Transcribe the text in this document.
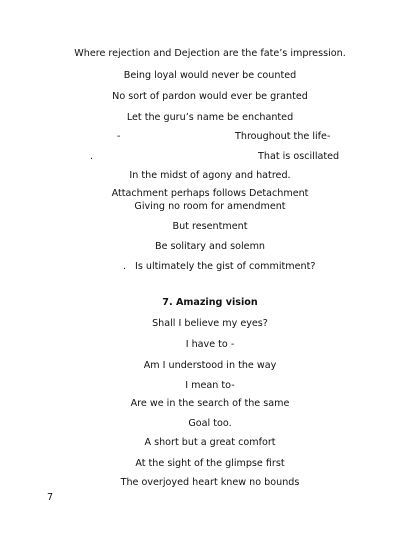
Where rejection and Dejection are the fate’s impression.
Being loyal would never be counted
No sort of pardon would ever be granted
Let the guru’s name be enchanted
-	Throughout the life-
.	That is oscillated
In the midst of agony and hatred.
Attachment perhaps follows Detachment
Giving no room for amendment
But resentment
Be solitary and solemn
. Is ultimately the gist of commitment?
7. Amazing vision
Shall I believe my eyes?
I have to -
Am I understood in the way
I mean to-
Are we in the search of the same
Goal too.
A short but a great comfort
At the sight of the glimpse first
The overjoyed heart knew no bounds
7
